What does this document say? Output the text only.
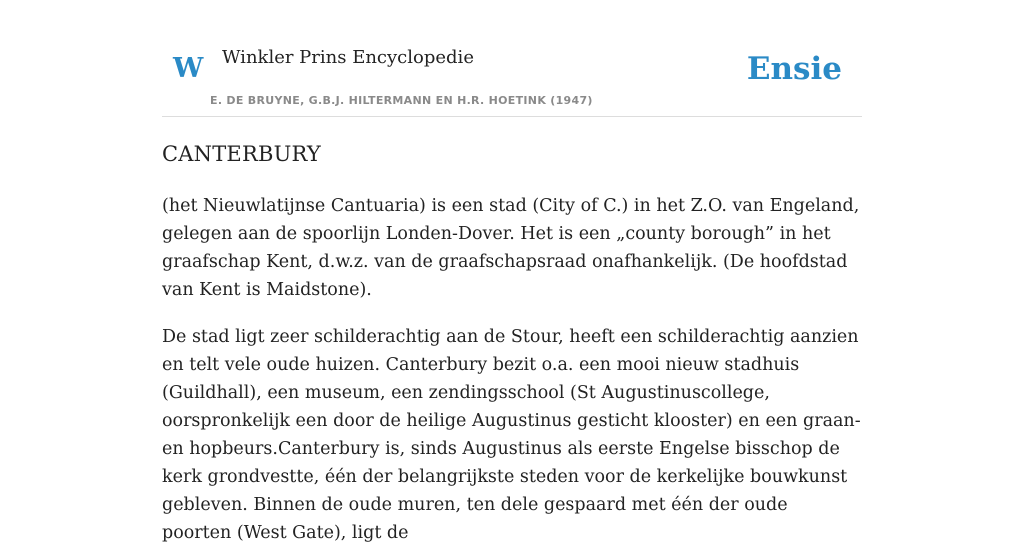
W Winkler Prins Encyclopedie
E. DE BRUYNE, G.B.J. HILTERMANN EN H.R. HOETINK (1947)
Ensie
CANTERBURY

(het Nieuwlatijnse Cantuaria) is een stad (City of C.) in het Z.O. van Engeland, gelegen aan de spoorlijn Londen-Dover. Het is een „county borough” in het graafschap Kent, d.w.z. van de graafschapsraad onafhankelijk. (De hoofdstad van Kent is Maidstone).

De stad ligt zeer schilderachtig aan de Stour, heeft een schilderachtig aanzien en telt vele oude huizen. Canterbury bezit o.a. een mooi nieuw stadhuis (Guildhall), een museum, een zendingsschool (St Augustinuscollege, oorspronkelijk een door de heilige Augustinus gesticht klooster) en een graan- en hopbeurs.Canterbury is, sinds Augustinus als eerste Engelse bisschop de kerk grondvestte, één der belangrijkste steden voor de kerkelijke bouwkunst gebleven. Binnen de oude muren, ten dele gespaard met één der oude poorten (West Gate), ligt de
